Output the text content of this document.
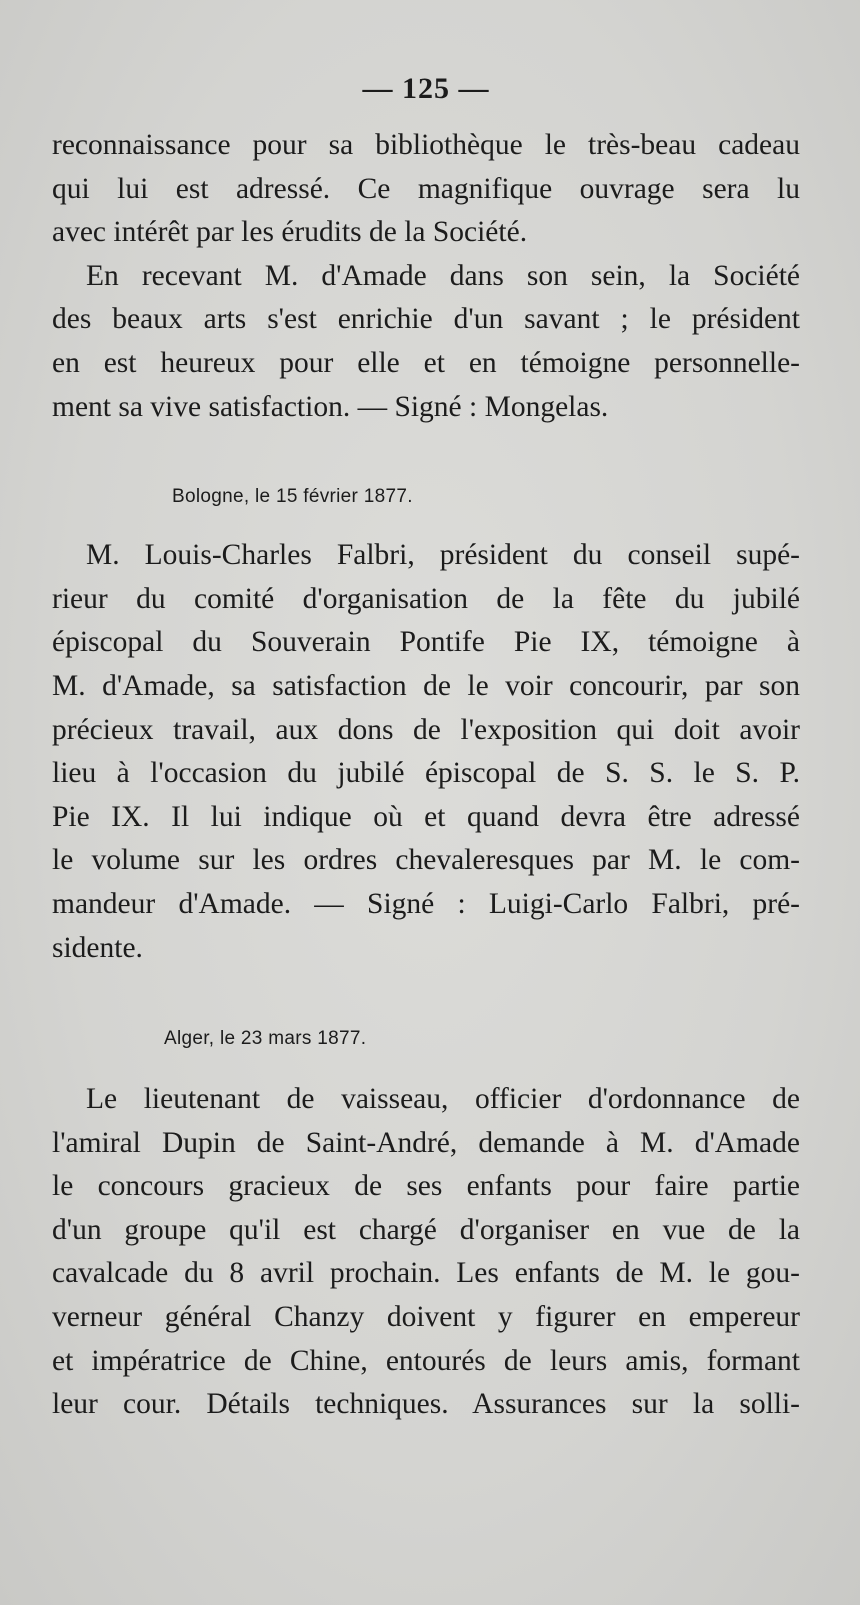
— 125 —
reconnaissance pour sa bibliothèque le très-beau cadeau
qui lui est adressé. Ce magnifique ouvrage sera lu
avec intérêt par les érudits de la Société.
En recevant M. d'Amade dans son sein, la Société
des beaux arts s'est enrichie d'un savant ; le président
en est heureux pour elle et en témoigne personnelle-
ment sa vive satisfaction. — Signé : Mongelas.
Bologne, le 15 février 1877.
M. Louis-Charles Falbri, président du conseil supé-
rieur du comité d'organisation de la fête du jubilé
épiscopal du Souverain Pontife Pie IX, témoigne à
M. d'Amade, sa satisfaction de le voir concourir, par son
précieux travail, aux dons de l'exposition qui doit avoir
lieu à l'occasion du jubilé épiscopal de S. S. le S. P.
Pie IX. Il lui indique où et quand devra être adressé
le volume sur les ordres chevaleresques par M. le com-
mandeur d'Amade. — Signé : Luigi-Carlo Falbri, pré-
sidente.
Alger, le 23 mars 1877.
Le lieutenant de vaisseau, officier d'ordonnance de
l'amiral Dupin de Saint-André, demande à M. d'Amade
le concours gracieux de ses enfants pour faire partie
d'un groupe qu'il est chargé d'organiser en vue de la
cavalcade du 8 avril prochain. Les enfants de M. le gou-
verneur général Chanzy doivent y figurer en empereur
et impératrice de Chine, entourés de leurs amis, formant
leur cour. Détails techniques. Assurances sur la solli-
